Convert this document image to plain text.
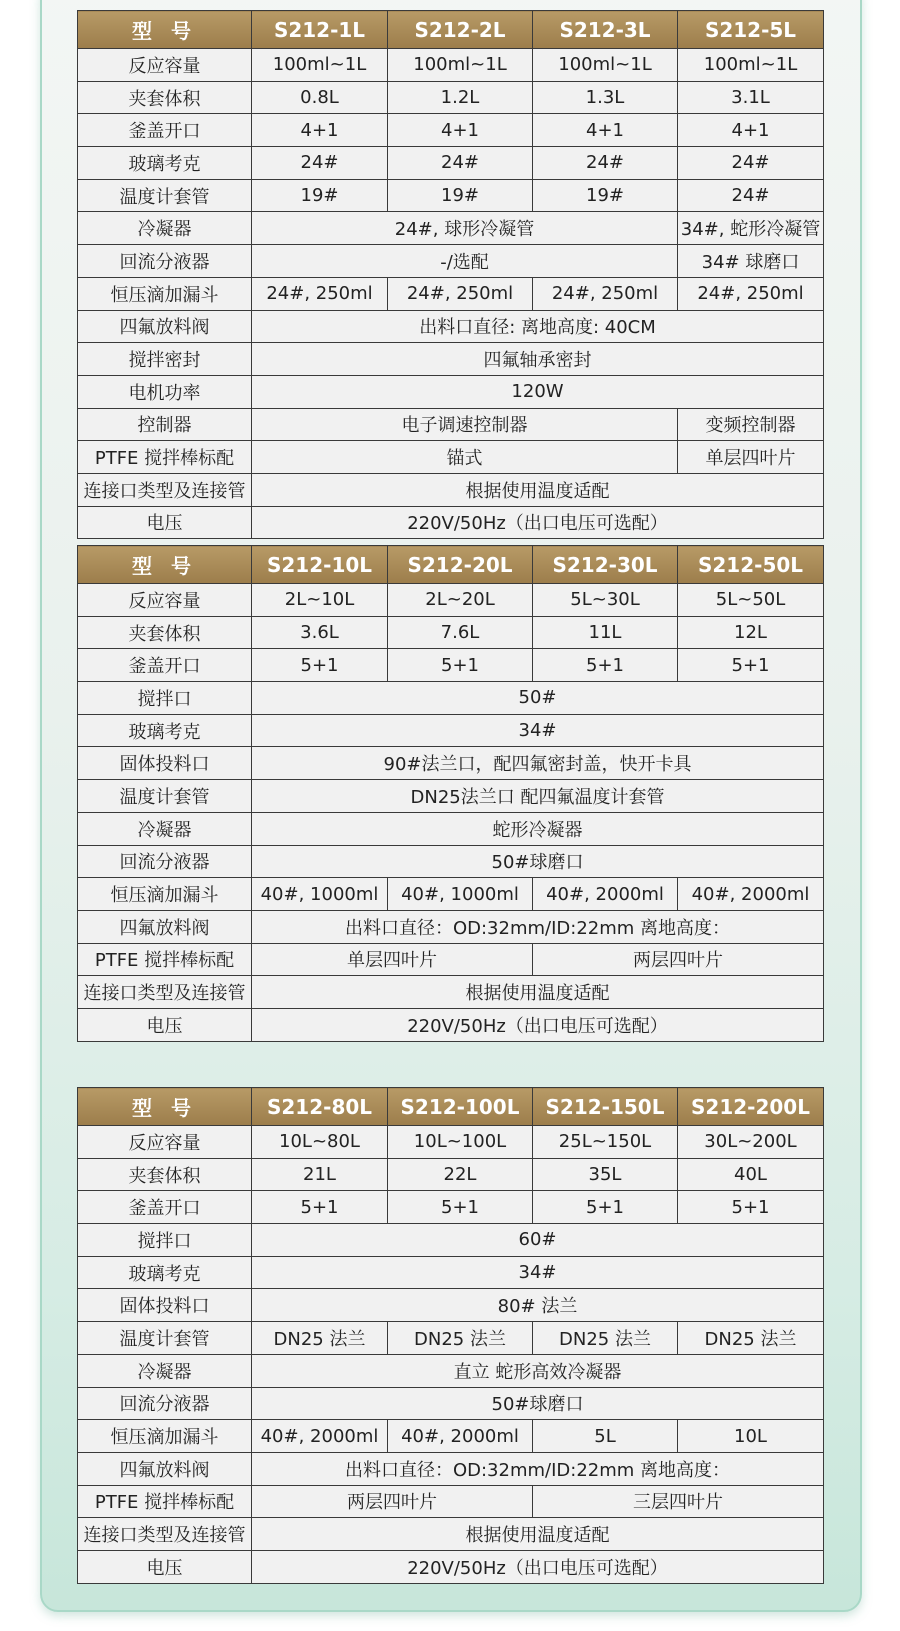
型 号	S212-1L	S212-2L	S212-3L	S212-5L
反应容量	100ml~1L	100ml~1L	100ml~1L	100ml~1L
夹套体积	0.8L	1.2L	1.3L	3.1L
釜盖开口	4+1	4+1	4+1	4+1
玻璃考克	24#	24#	24#	24#
温度计套管	19#	19#	19#	24#
冷凝器	24#, 球形冷凝管			34#, 蛇形冷凝管
回流分液器	-/选配			34# 球磨口
恒压滴加漏斗	24#, 250ml	24#, 250ml	24#, 250ml	24#, 250ml
四氟放料阀	出料口直径: 离地高度: 40CM			
搅拌密封	四氟轴承密封			
电机功率	120W			
控制器	电子调速控制器			变频控制器
PTFE 搅拌棒标配	锚式			单层四叶片
连接口类型及连接管	根据使用温度适配			
电压	220V/50Hz（出口电压可选配）			
型 号	S212-10L	S212-20L	S212-30L	S212-50L
反应容量	2L~10L	2L~20L	5L~30L	5L~50L
夹套体积	3.6L	7.6L	11L	12L
釜盖开口	5+1	5+1	5+1	5+1
搅拌口	50#			
玻璃考克	34#			
固体投料口	90#法兰口，配四氟密封盖，快开卡具			
温度计套管	DN25法兰口 配四氟温度计套管			
冷凝器	蛇形冷凝器			
回流分液器	50#球磨口			
恒压滴加漏斗	40#, 1000ml	40#, 1000ml	40#, 2000ml	40#, 2000ml
四氟放料阀	出料口直径：OD:32mm/ID:22mm 离地高度：			
PTFE 搅拌棒标配	单层四叶片		两层四叶片	
连接口类型及连接管	根据使用温度适配			
电压	220V/50Hz（出口电压可选配）			
型 号	S212-80L	S212-100L	S212-150L	S212-200L
反应容量	10L~80L	10L~100L	25L~150L	30L~200L
夹套体积	21L	22L	35L	40L
釜盖开口	5+1	5+1	5+1	5+1
搅拌口	60#			
玻璃考克	34#			
固体投料口	80# 法兰			
温度计套管	DN25 法兰	DN25 法兰	DN25 法兰	DN25 法兰
冷凝器	直立 蛇形高效冷凝器			
回流分液器	50#球磨口			
恒压滴加漏斗	40#, 2000ml	40#, 2000ml	5L	10L
四氟放料阀	出料口直径：OD:32mm/ID:22mm 离地高度：			
PTFE 搅拌棒标配	两层四叶片		三层四叶片	
连接口类型及连接管	根据使用温度适配			
电压	220V/50Hz（出口电压可选配）			
